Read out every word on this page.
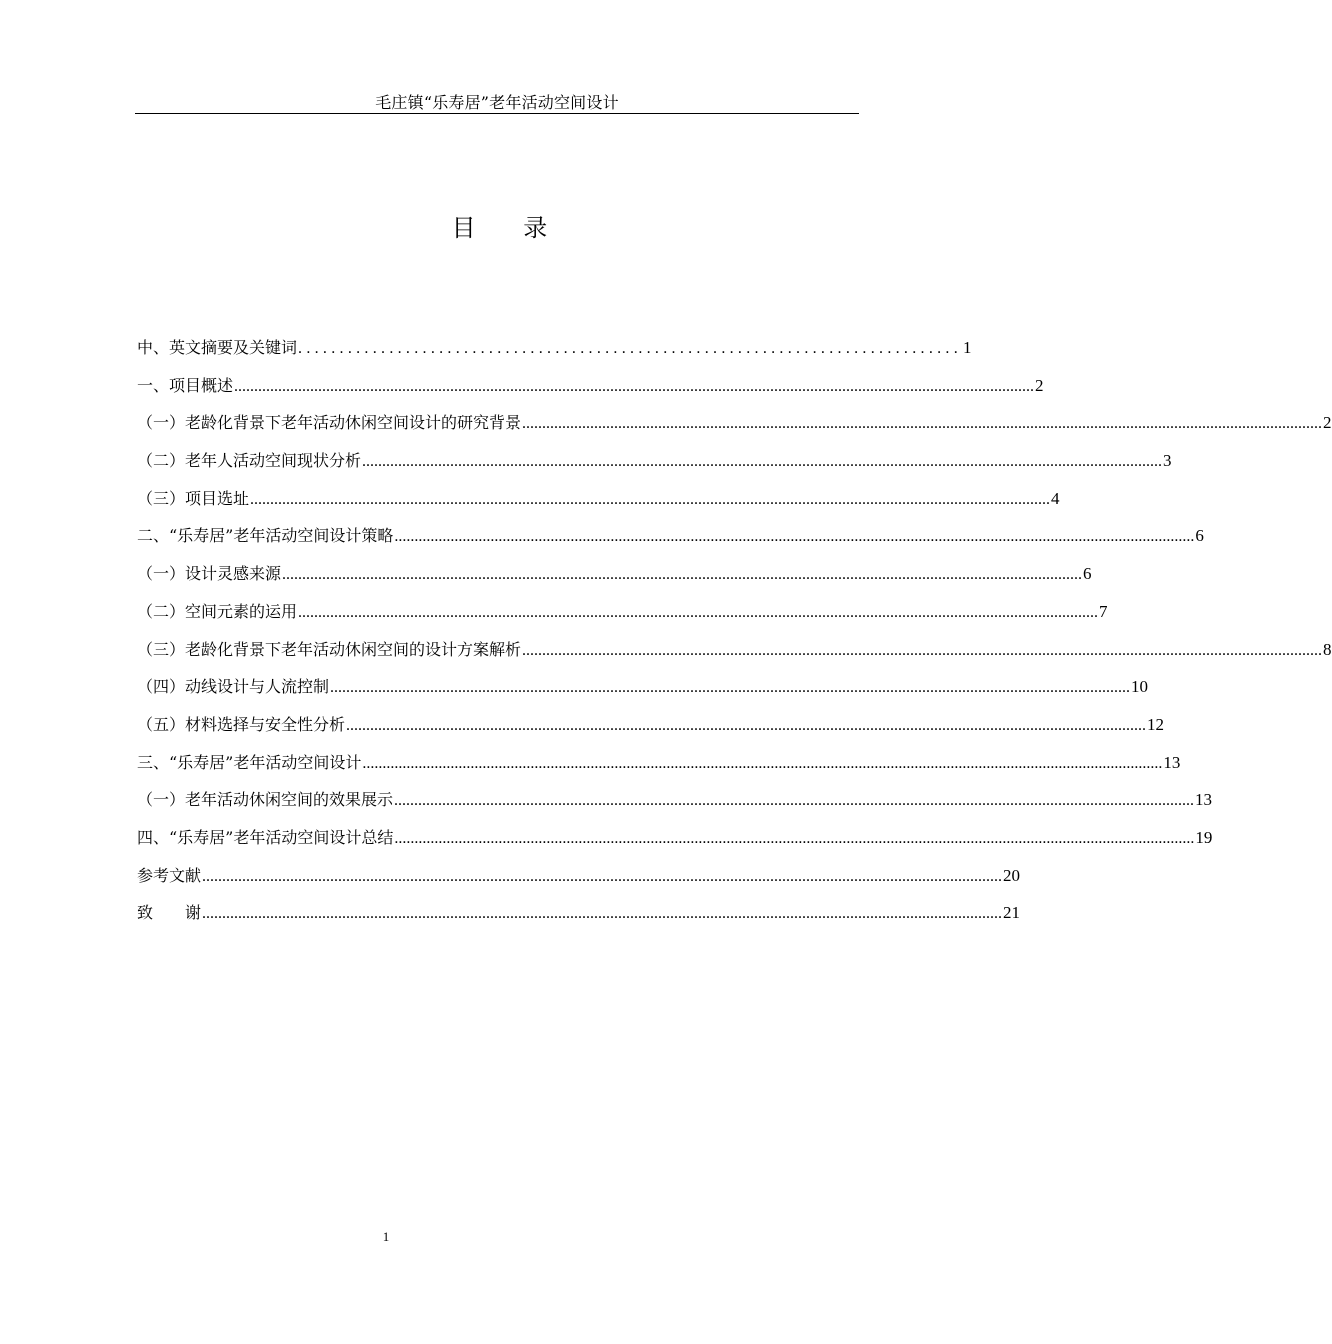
毛庄镇“乐寿居”老年活动空间设计
目 录
中、英文摘要及关键词 ................................................................................ 1
一、项目概述 ........................................................................................................................................................................................................ 2
（一）老龄化背景下老年活动休闲空间设计的研究背景 ........................................................................................................................................................................................................ 2
（二）老年人活动空间现状分析 ........................................................................................................................................................................................................ 3
（三）项目选址 ........................................................................................................................................................................................................ 4
二、“乐寿居”老年活动空间设计策略 ........................................................................................................................................................................................................ 6
（一）设计灵感来源 ........................................................................................................................................................................................................ 6
（二）空间元素的运用 ........................................................................................................................................................................................................ 7
（三）老龄化背景下老年活动休闲空间的设计方案解析 ........................................................................................................................................................................................................ 8
（四）动线设计与人流控制 ........................................................................................................................................................................................................ 10
（五）材料选择与安全性分析 ........................................................................................................................................................................................................ 12
三、“乐寿居”老年活动空间设计 ........................................................................................................................................................................................................ 13
（一）老年活动休闲空间的效果展示 ........................................................................................................................................................................................................ 13
四、“乐寿居”老年活动空间设计总结 ........................................................................................................................................................................................................ 19
参考文献 ........................................................................................................................................................................................................ 20
致　　谢 ........................................................................................................................................................................................................ 21
1
